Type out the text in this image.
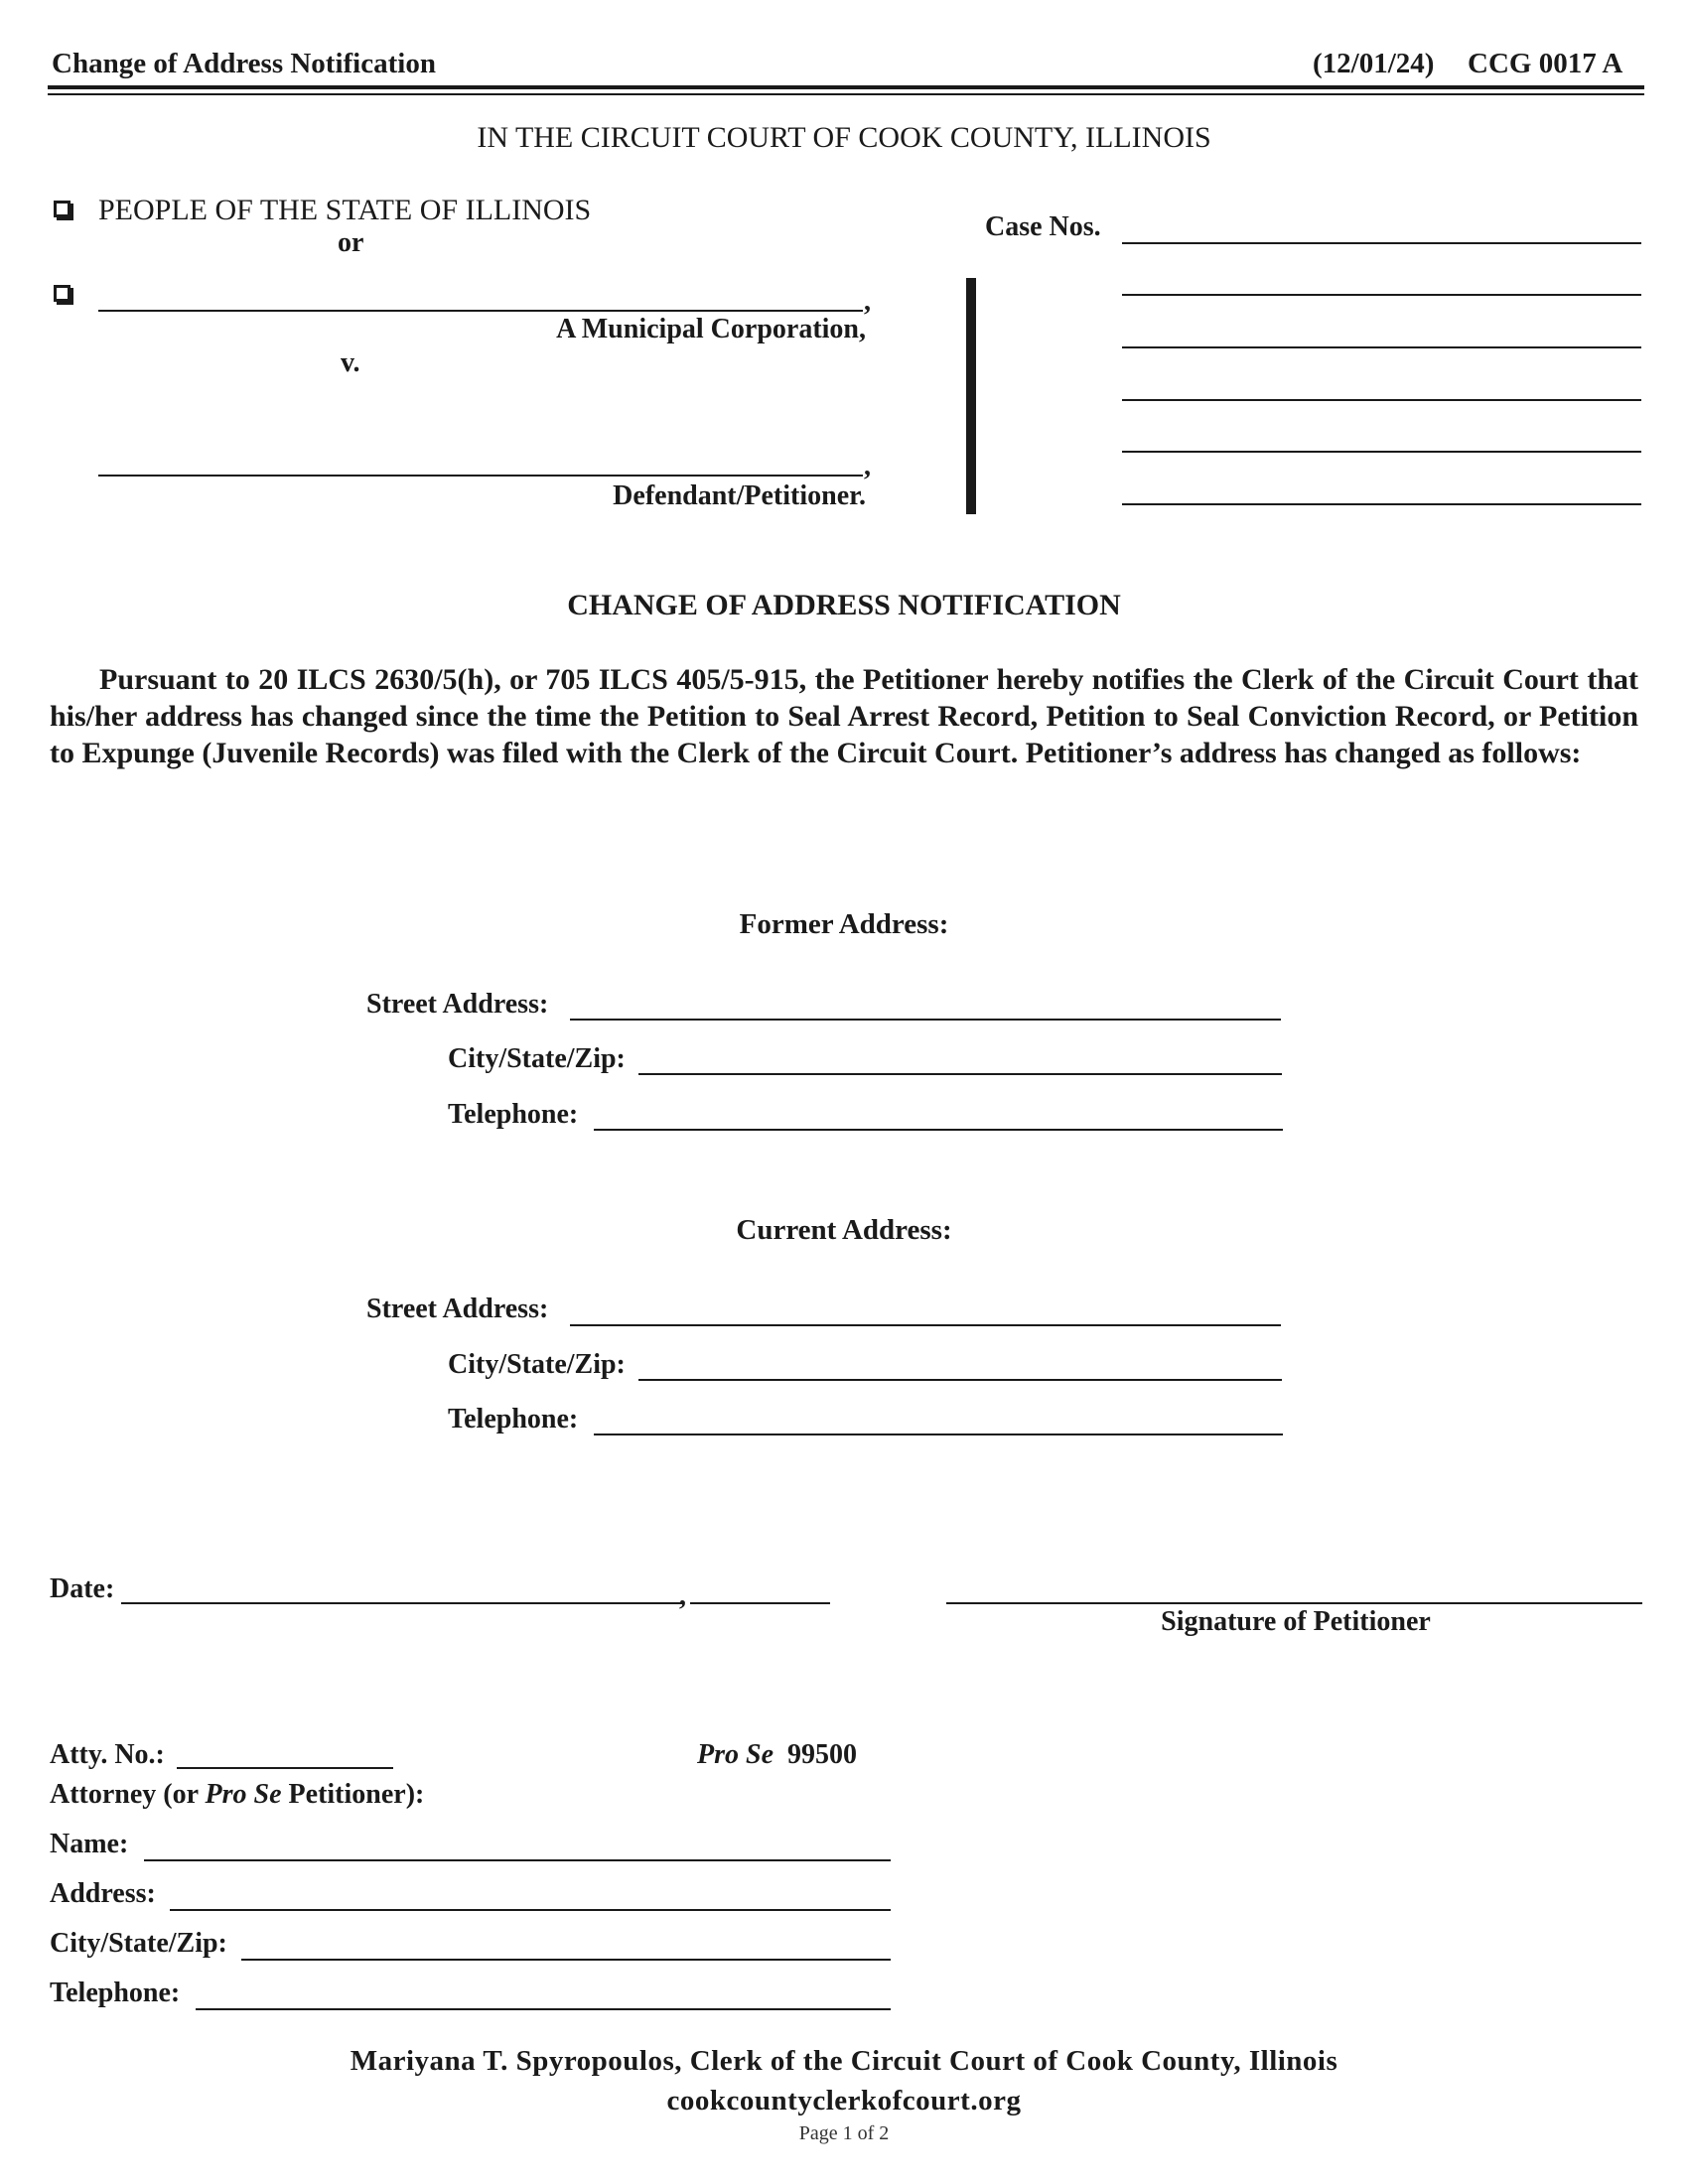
Change of Address Notification	(12/01/24) CCG 0017 A
IN THE CIRCUIT COURT OF COOK COUNTY, ILLINOIS
PEOPLE OF THE STATE OF ILLINOIS
or
,
A Municipal Corporation,
v.
,
Defendant/Petitioner.
Case Nos.
CHANGE OF ADDRESS NOTIFICATION
Pursuant to 20 ILCS 2630/5(h), or 705 ILCS 405/5-915, the Petitioner hereby notifies the Clerk of the Circuit Court that his/her address has changed since the time the Petition to Seal Arrest Record, Petition to Seal Conviction Record, or Petition to Expunge (Juvenile Records) was filed with the Clerk of the Circuit Court. Petitioner’s address has changed as follows:
Former Address:
Street Address:
City/State/Zip:
Telephone:
Current Address:
Street Address:
City/State/Zip:
Telephone:
Date:	,
Signature of Petitioner
Atty. No.:	Pro Se 99500
Attorney (or Pro Se Petitioner):
Name:
Address:
City/State/Zip:
Telephone:
Mariyana T. Spyropoulos, Clerk of the Circuit Court of Cook County, Illinois
cookcountyclerkofcourt.org
Page 1 of 2
